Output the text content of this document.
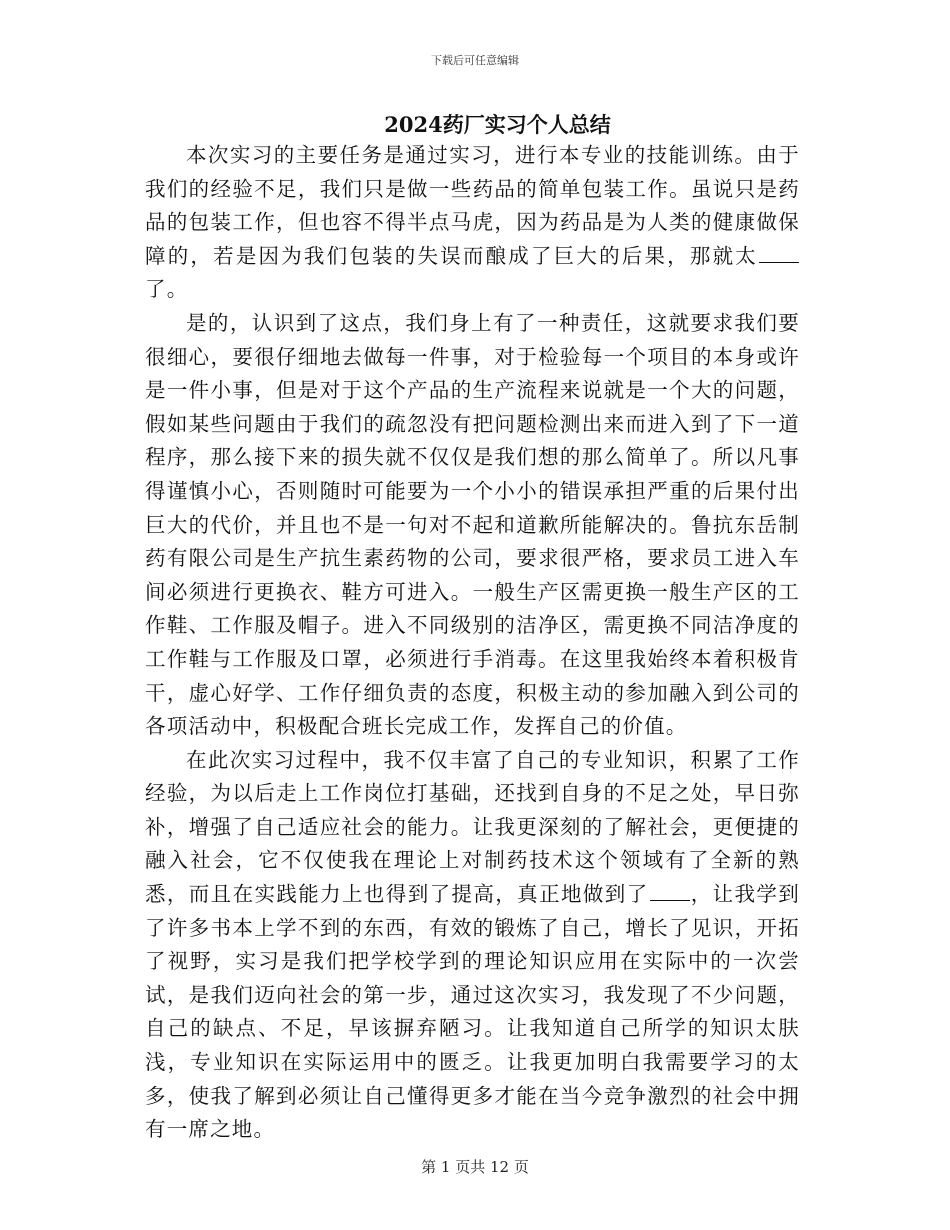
下载后可任意编辑
2024药厂实习个人总结

本次实习的主要任务是通过实习，进行本专业的技能训练。由于我们的经验不足，我们只是做一些药品的简单包装工作。虽说只是药品的包装工作，但也容不得半点马虎，因为药品是为人类的健康做保障的，若是因为我们包装的失误而酿成了巨大的后果，那就太了。

是的，认识到了这点，我们身上有了一种责任，这就要求我们要很细心，要很仔细地去做每一件事，对于检验每一个项目的本身或许是一件小事，但是对于这个产品的生产流程来说就是一个大的问题，假如某些问题由于我们的疏忽没有把问题检测出来而进入到了下一道程序，那么接下来的损失就不仅仅是我们想的那么简单了。所以凡事得谨慎小心，否则随时可能要为一个小小的错误承担严重的后果付出巨大的代价，并且也不是一句对不起和道歉所能解决的。鲁抗东岳制药有限公司是生产抗生素药物的公司，要求很严格，要求员工进入车间必须进行更换衣、鞋方可进入。一般生产区需更换一般生产区的工作鞋、工作服及帽子。进入不同级别的洁净区，需更换不同洁净度的工作鞋与工作服及口罩，必须进行手消毒。在这里我始终本着积极肯干，虚心好学、工作仔细负责的态度，积极主动的参加融入到公司的各项活动中，积极配合班长完成工作，发挥自己的价值。

在此次实习过程中，我不仅丰富了自己的专业知识，积累了工作经验，为以后走上工作岗位打基础，还找到自身的不足之处，早日弥补，增强了自己适应社会的能力。让我更深刻的了解社会，更便捷的融入社会，它不仅使我在理论上对制药技术这个领域有了全新的熟悉，而且在实践能力上也得到了提高，真正地做到了 ，让我学到了许多书本上学不到的东西，有效的锻炼了自己，增长了见识，开拓了视野，实习是我们把学校学到的理论知识应用在实际中的一次尝试，是我们迈向社会的第一步，通过这次实习，我发现了不少问题，自己的缺点、不足，早该摒弃陋习。让我知道自己所学的知识太肤浅，专业知识在实际运用中的匮乏。让我更加明白我需要学习的太多，使我了解到必须让自己懂得更多才能在当今竞争激烈的社会中拥有一席之地。

第 1 页共 12 页
